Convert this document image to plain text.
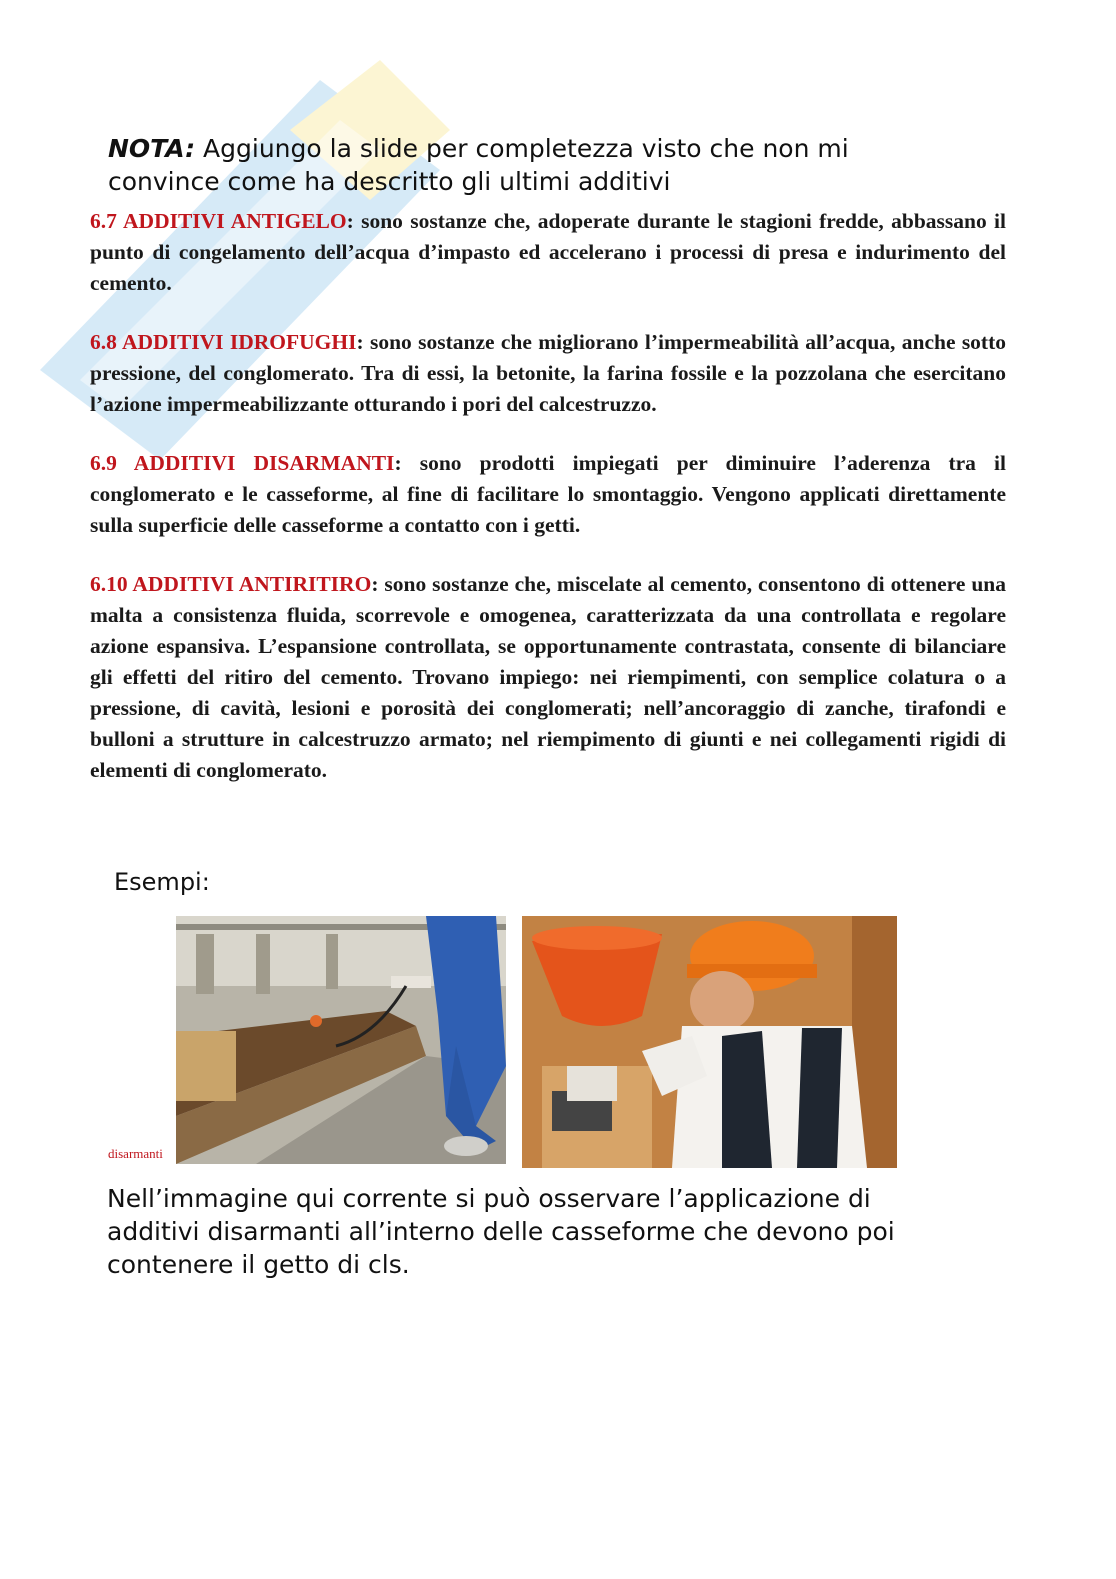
NOTA: Aggiungo la slide per completezza visto che non mi convince come ha descritto gli ultimi additivi

6.7 ADDITIVI ANTIGELO: sono sostanze che, adoperate durante le stagioni fredde, abbassano il punto di congelamento dell’acqua d’impasto ed accelerano i processi di presa e indurimento del cemento.

6.8 ADDITIVI IDROFUGHI: sono sostanze che migliorano l’impermeabilità all’acqua, anche sotto pressione, del conglomerato. Tra di essi, la betonite, la farina fossile e la pozzolana che esercitano l’azione impermeabilizzante otturando i pori del calcestruzzo.

6.9 ADDITIVI DISARMANTI: sono prodotti impiegati per diminuire l’aderenza tra il conglomerato e le casseforme, al fine di facilitare lo smontaggio. Vengono applicati direttamente sulla superficie delle casseforme a contatto con i getti.

6.10 ADDITIVI ANTIRITIRO: sono sostanze che, miscelate al cemento, consentono di ottenere una malta a consistenza fluida, scorrevole e omogenea, caratterizzata da una controllata e regolare azione espansiva. L’espansione controllata, se opportunamente contrastata, consente di bilanciare gli effetti del ritiro del cemento. Trovano impiego: nei riempimenti, con semplice colatura o a pressione, di cavità, lesioni e porosità dei conglomerati; nell’ancoraggio di zanche, tirafondi e bulloni a strutture in calcestruzzo armato; nel riempimento di giunti e nei collegamenti rigidi di elementi di conglomerato.

Esempi:
disarmanti
Nell’immagine qui corrente si può osservare l’applicazione di additivi disarmanti all’interno delle casseforme che devono poi contenere il getto di cls.
